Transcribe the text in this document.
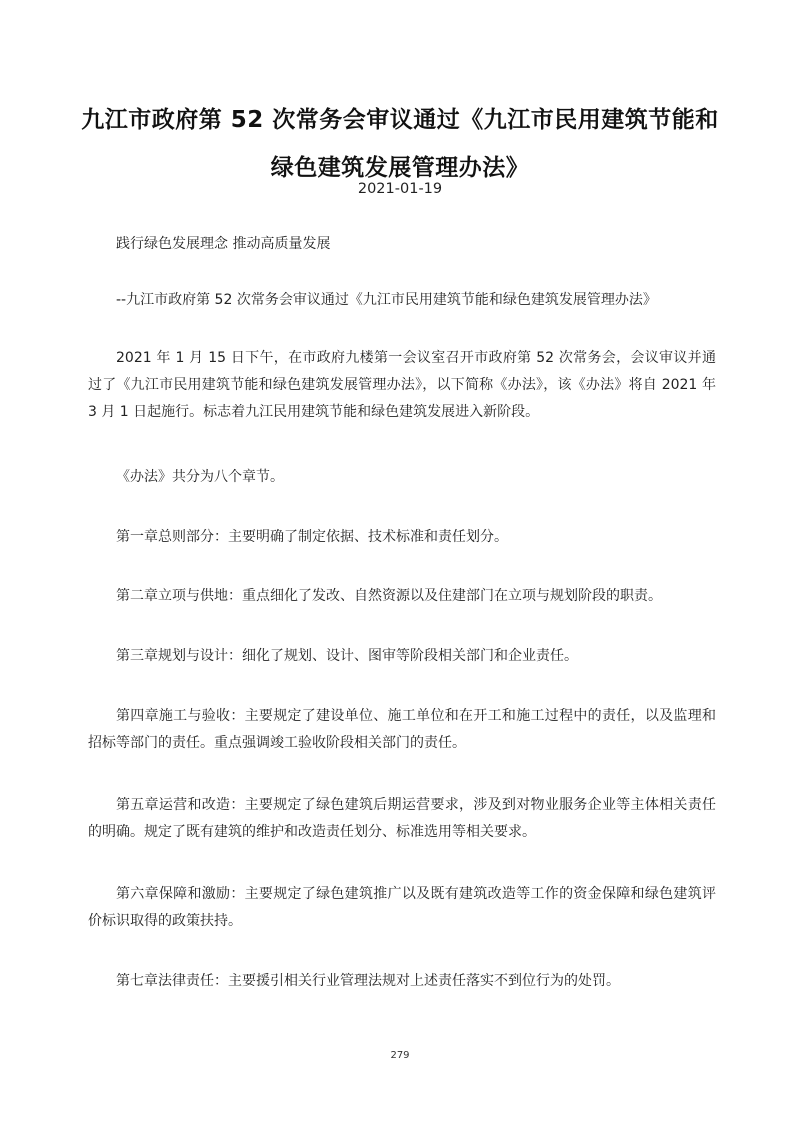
九江市政府第 52 次常务会审议通过《九江市民用建筑节能和绿色建筑发展管理办法》
2021-01-19

践行绿色发展理念 推动高质量发展

--九江市政府第 52 次常务会审议通过《九江市民用建筑节能和绿色建筑发展管理办法》

2021 年 1 月 15 日下午，在市政府九楼第一会议室召开市政府第 52 次常务会，会议审议并通过了《九江市民用建筑节能和绿色建筑发展管理办法》，以下简称《办法》，该《办法》将自 2021 年 3 月 1 日起施行。标志着九江民用建筑节能和绿色建筑发展进入新阶段。

《办法》共分为八个章节。

第一章总则部分：主要明确了制定依据、技术标准和责任划分。

第二章立项与供地：重点细化了发改、自然资源以及住建部门在立项与规划阶段的职责。

第三章规划与设计：细化了规划、设计、图审等阶段相关部门和企业责任。

第四章施工与验收：主要规定了建设单位、施工单位和在开工和施工过程中的责任，以及监理和招标等部门的责任。重点强调竣工验收阶段相关部门的责任。

第五章运营和改造：主要规定了绿色建筑后期运营要求，涉及到对物业服务企业等主体相关责任的明确。规定了既有建筑的维护和改造责任划分、标准选用等相关要求。

第六章保障和激励：主要规定了绿色建筑推广以及既有建筑改造等工作的资金保障和绿色建筑评价标识取得的政策扶持。

第七章法律责任：主要援引相关行业管理法规对上述责任落实不到位行为的处罚。

279
